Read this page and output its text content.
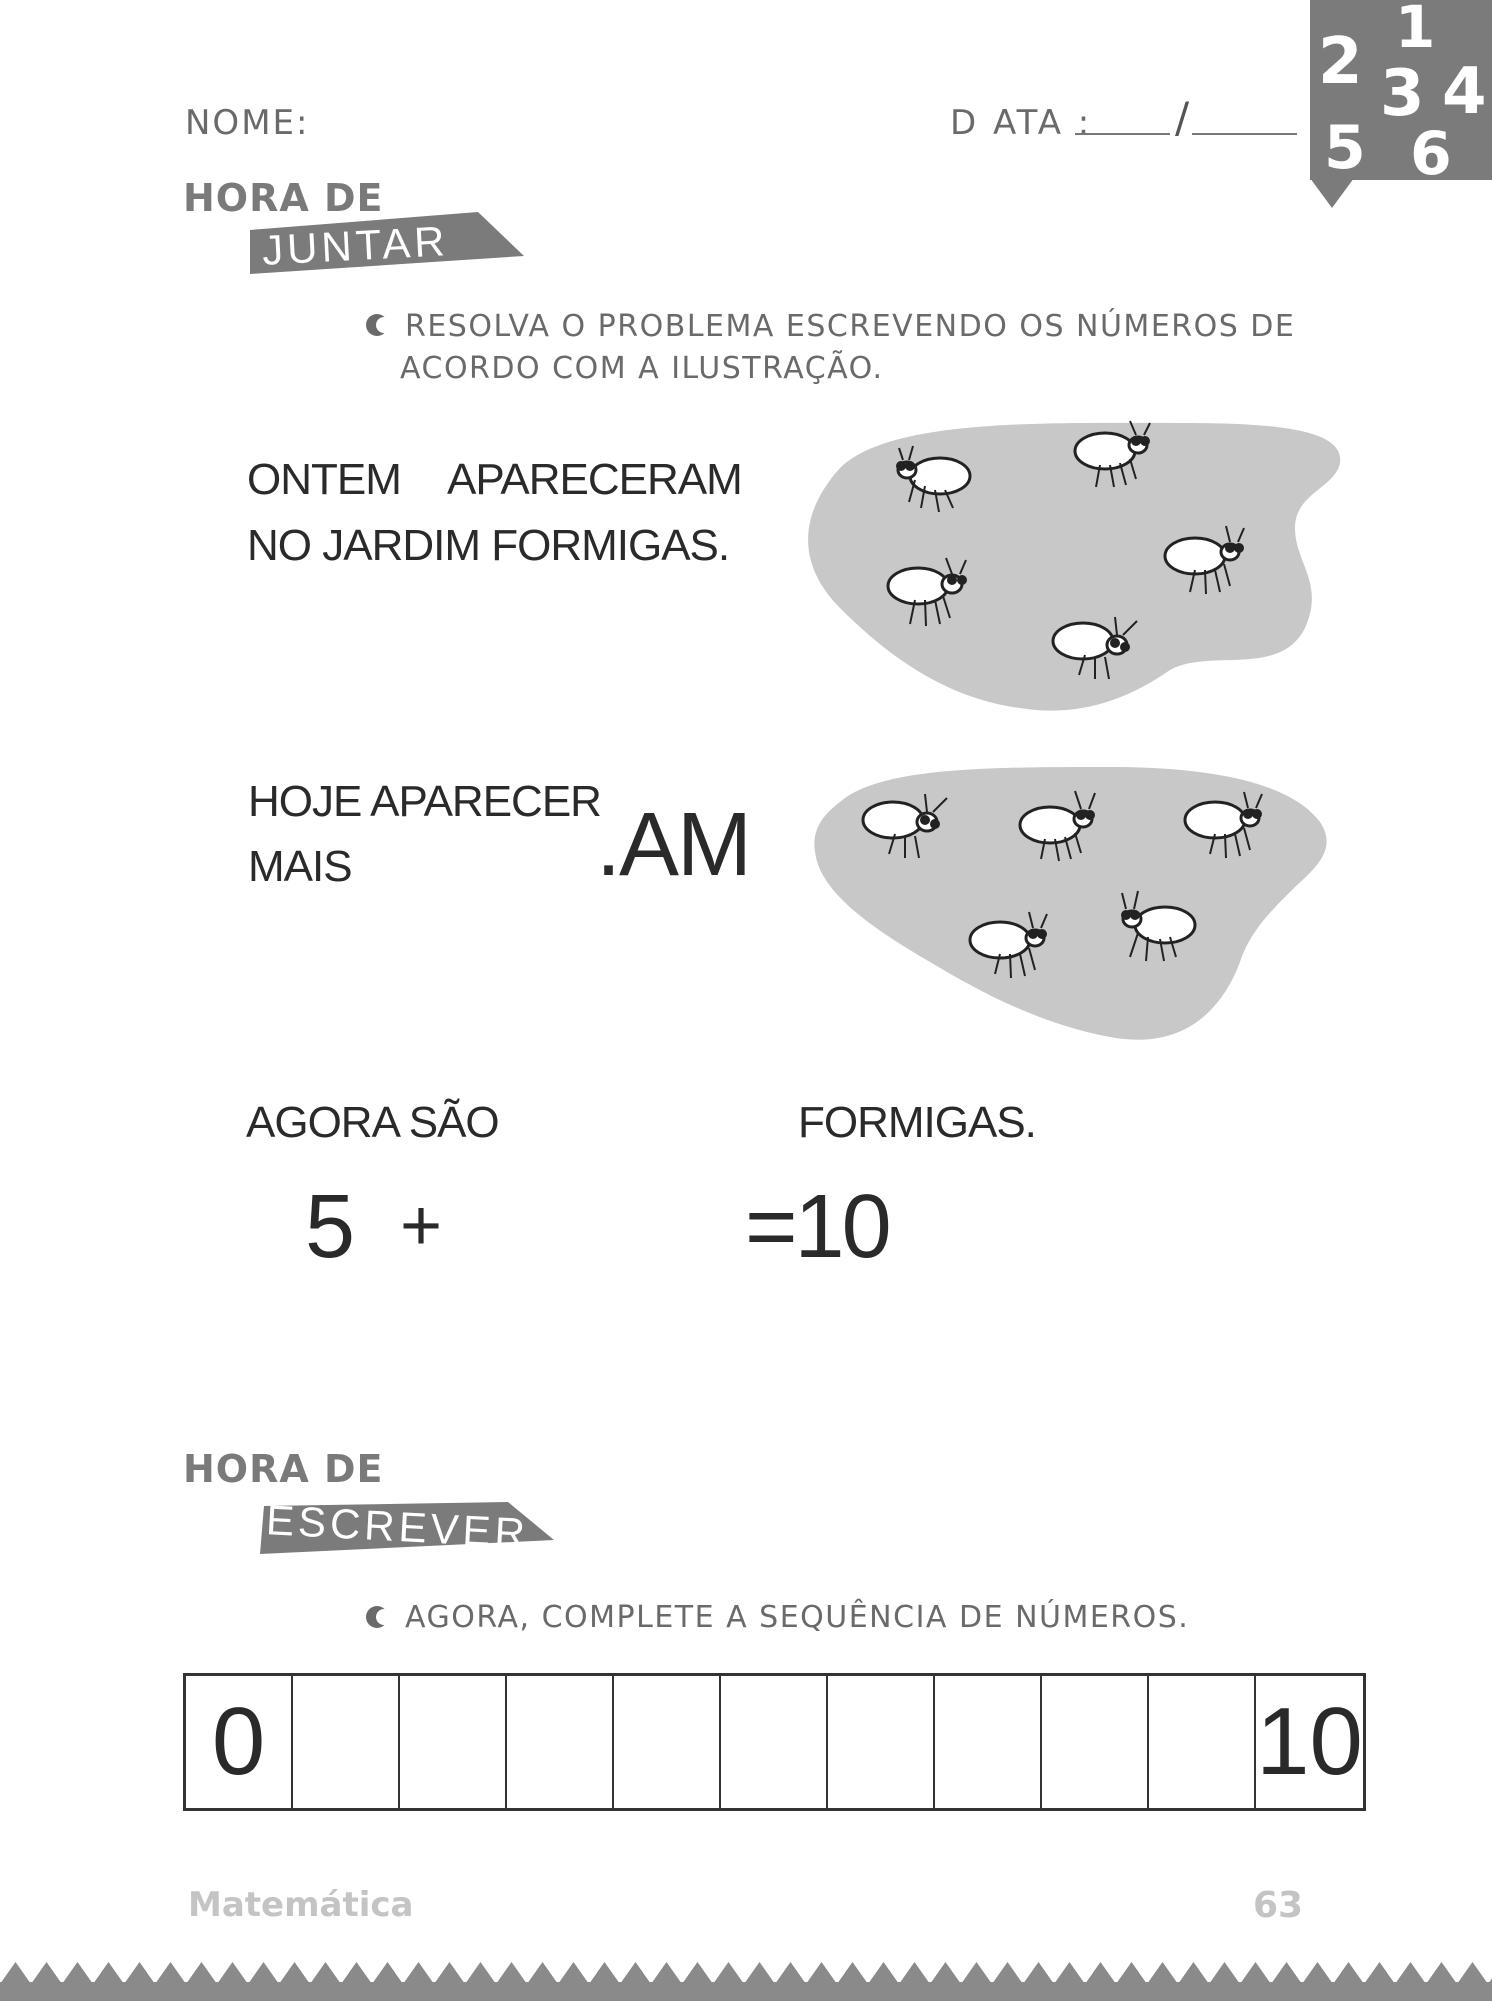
NOME:	D ATA : /
1
2 3 4
5 6
HORA DE
JUNTAR
RESOLVA O PROBLEMA ESCREVENDO OS NÚMEROS DE
ACORDO COM A ILUSTRAÇÃO.
ONTEM APARECERAM
NO JARDIM FORMIGAS.
HOJE APARECER
.AM
MAIS
AGORA SÃO	FORMIGAS.
5 +	=10
HORA DE
ESCREVER
AGORA, COMPLETE A SEQUÊNCIA DE NÚMEROS.
0	10
Matemática	63
